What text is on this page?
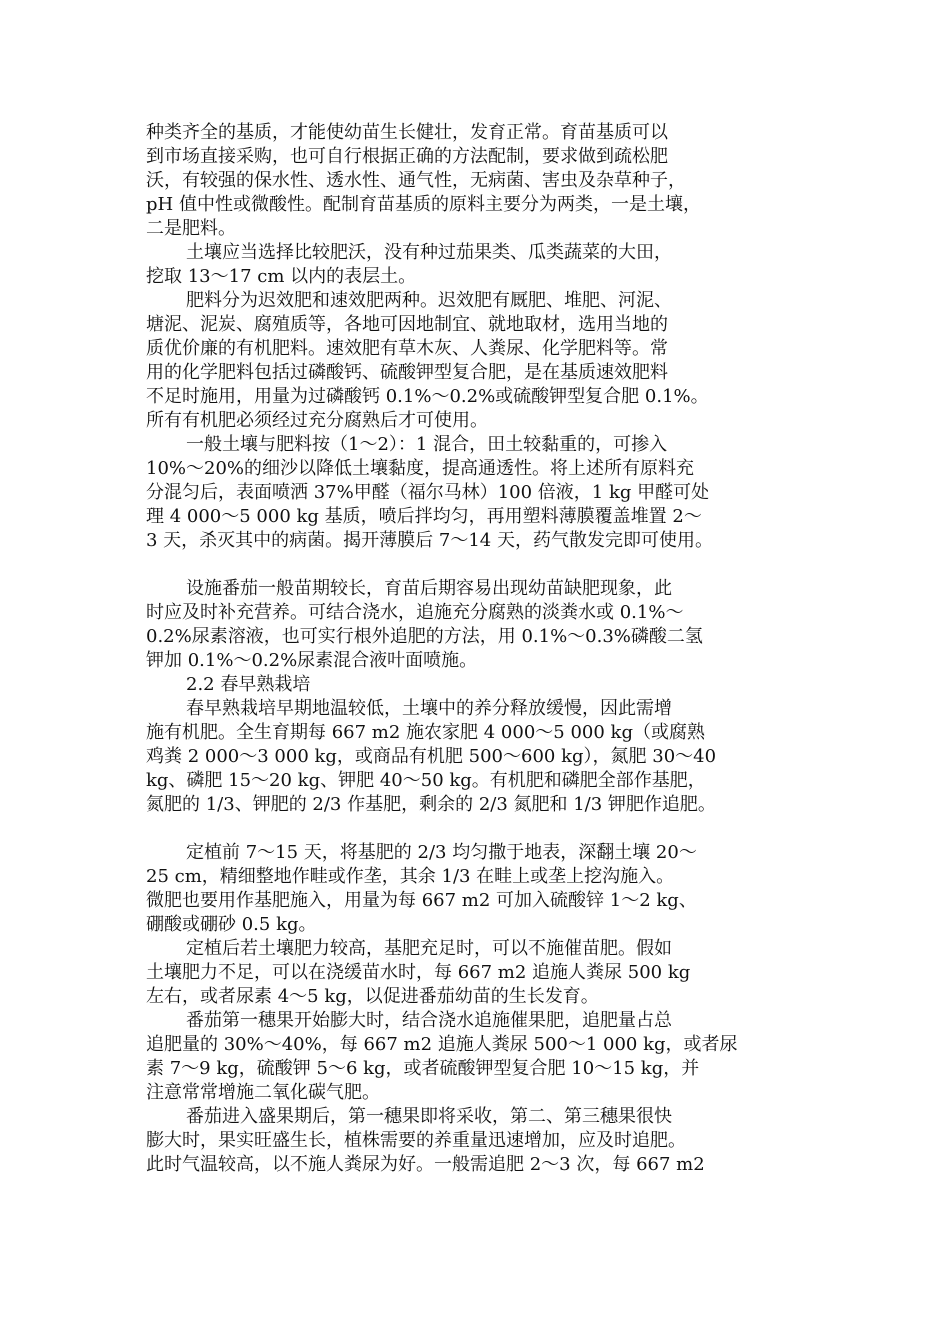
种类齐全的基质，才能使幼苗生长健壮，发育正常。育苗基质可以
到市场直接采购，也可自行根据正确的方法配制，要求做到疏松肥
沃，有较强的保水性、透水性、通气性，无病菌、害虫及杂草种子，
pH 值中性或微酸性。配制育苗基质的原料主要分为两类，一是土壤，
二是肥料。
土壤应当选择比较肥沃，没有种过茄果类、瓜类蔬菜的大田，
挖取 13～17 cm 以内的表层土。
肥料分为迟效肥和速效肥两种。迟效肥有厩肥、堆肥、河泥、
塘泥、泥炭、腐殖质等，各地可因地制宜、就地取材，选用当地的
质优价廉的有机肥料。速效肥有草木灰、人粪尿、化学肥料等。常
用的化学肥料包括过磷酸钙、硫酸钾型复合肥，是在基质速效肥料
不足时施用，用量为过磷酸钙 0.1%～0.2%或硫酸钾型复合肥 0.1%。
所有有机肥必须经过充分腐熟后才可使用。
一般土壤与肥料按（1～2）：1 混合，田土较黏重的，可掺入
10%～20%的细沙以降低土壤黏度，提高通透性。将上述所有原料充
分混匀后，表面喷洒 37%甲醛（福尔马林）100 倍液，1 kg 甲醛可处
理 4 000～5 000 kg 基质，喷后拌均匀，再用塑料薄膜覆盖堆置 2～
3 天，杀灭其中的病菌。揭开薄膜后 7～14 天，药气散发完即可使用。
设施番茄一般苗期较长，育苗后期容易出现幼苗缺肥现象，此
时应及时补充营养。可结合浇水，追施充分腐熟的淡粪水或 0.1%～
0.2%尿素溶液，也可实行根外追肥的方法，用 0.1%～0.3%磷酸二氢
钾加 0.1%～0.2%尿素混合液叶面喷施。
2.2 春早熟栽培
春早熟栽培早期地温较低，土壤中的养分释放缓慢，因此需增
施有机肥。全生育期每 667 m2 施农家肥 4 000～5 000 kg（或腐熟
鸡粪 2 000～3 000 kg，或商品有机肥 500～600 kg），氮肥 30～40
kg、磷肥 15～20 kg、钾肥 40～50 kg。有机肥和磷肥全部作基肥，
氮肥的 1/3、钾肥的 2/3 作基肥，剩余的 2/3 氮肥和 1/3 钾肥作追肥。
定植前 7～15 天，将基肥的 2/3 均匀撒于地表，深翻土壤 20～
25 cm，精细整地作畦或作垄，其余 1/3 在畦上或垄上挖沟施入。
微肥也要用作基肥施入，用量为每 667 m2 可加入硫酸锌 1～2 kg、
硼酸或硼砂 0.5 kg。
定植后若土壤肥力较高，基肥充足时，可以不施催苗肥。假如
土壤肥力不足，可以在浇缓苗水时，每 667 m2 追施人粪尿 500 kg
左右，或者尿素 4～5 kg，以促进番茄幼苗的生长发育。
番茄第一穗果开始膨大时，结合浇水追施催果肥，追肥量占总
追肥量的 30%～40%，每 667 m2 追施人粪尿 500～1 000 kg，或者尿
素 7～9 kg，硫酸钾 5～6 kg，或者硫酸钾型复合肥 10～15 kg，并
注意常常增施二氧化碳气肥。
番茄进入盛果期后，第一穗果即将采收，第二、第三穗果很快
膨大时，果实旺盛生长，植株需要的养重量迅速增加，应及时追肥。
此时气温较高，以不施人粪尿为好。一般需追肥 2～3 次，每 667 m2
